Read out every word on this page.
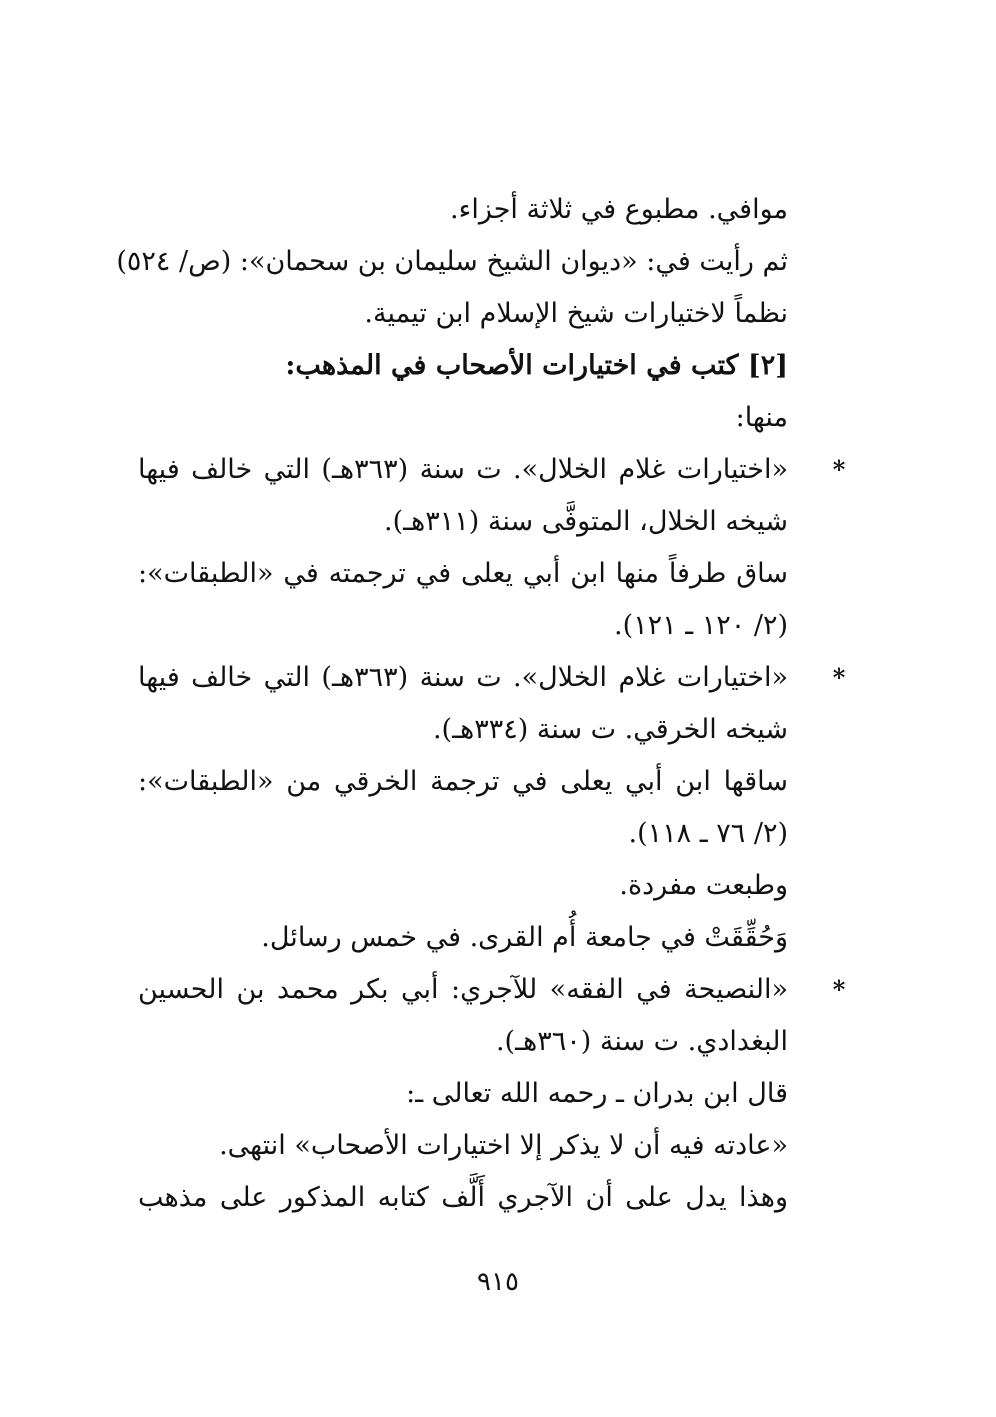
موافي. مطبوع في ثلاثة أجزاء.
ثم رأيت في: «ديوان الشيخ سليمان بن سحمان»: (ص/ ٥٢٤)
نظماً لاختيارات شيخ الإسلام ابن تيمية.
[٢] كتب في اختيارات الأصحاب في المذهب:
منها:
*
«اختيارات غلام الخلال». ت سنة (٣٦٣هـ) التي خالف فيها
شيخه الخلال، المتوفَّى سنة (٣١١هـ).
ساق طرفاً منها ابن أبي يعلى في ترجمته في «الطبقات»:
(٢/ ١٢٠ ـ ١٢١).
*
«اختيارات غلام الخلال». ت سنة (٣٦٣هـ) التي خالف فيها
شيخه الخرقي. ت سنة (٣٣٤هـ).
ساقها ابن أبي يعلى في ترجمة الخرقي من «الطبقات»:
(٢/ ٧٦ ـ ١١٨).
وطبعت مفردة.
وَحُقِّقَتْ في جامعة أُم القرى. في خمس رسائل.
*
«النصيحة في الفقه» للآجري: أبي بكر محمد بن الحسين
البغدادي. ت سنة (٣٦٠هـ).
قال ابن بدران ـ رحمه الله تعالى ـ:
«عادته فيه أن لا يذكر إلا اختيارات الأصحاب» انتهى.
وهذا يدل على أن الآجري أَلَّف كتابه المذكور على مذهب
٩١٥
